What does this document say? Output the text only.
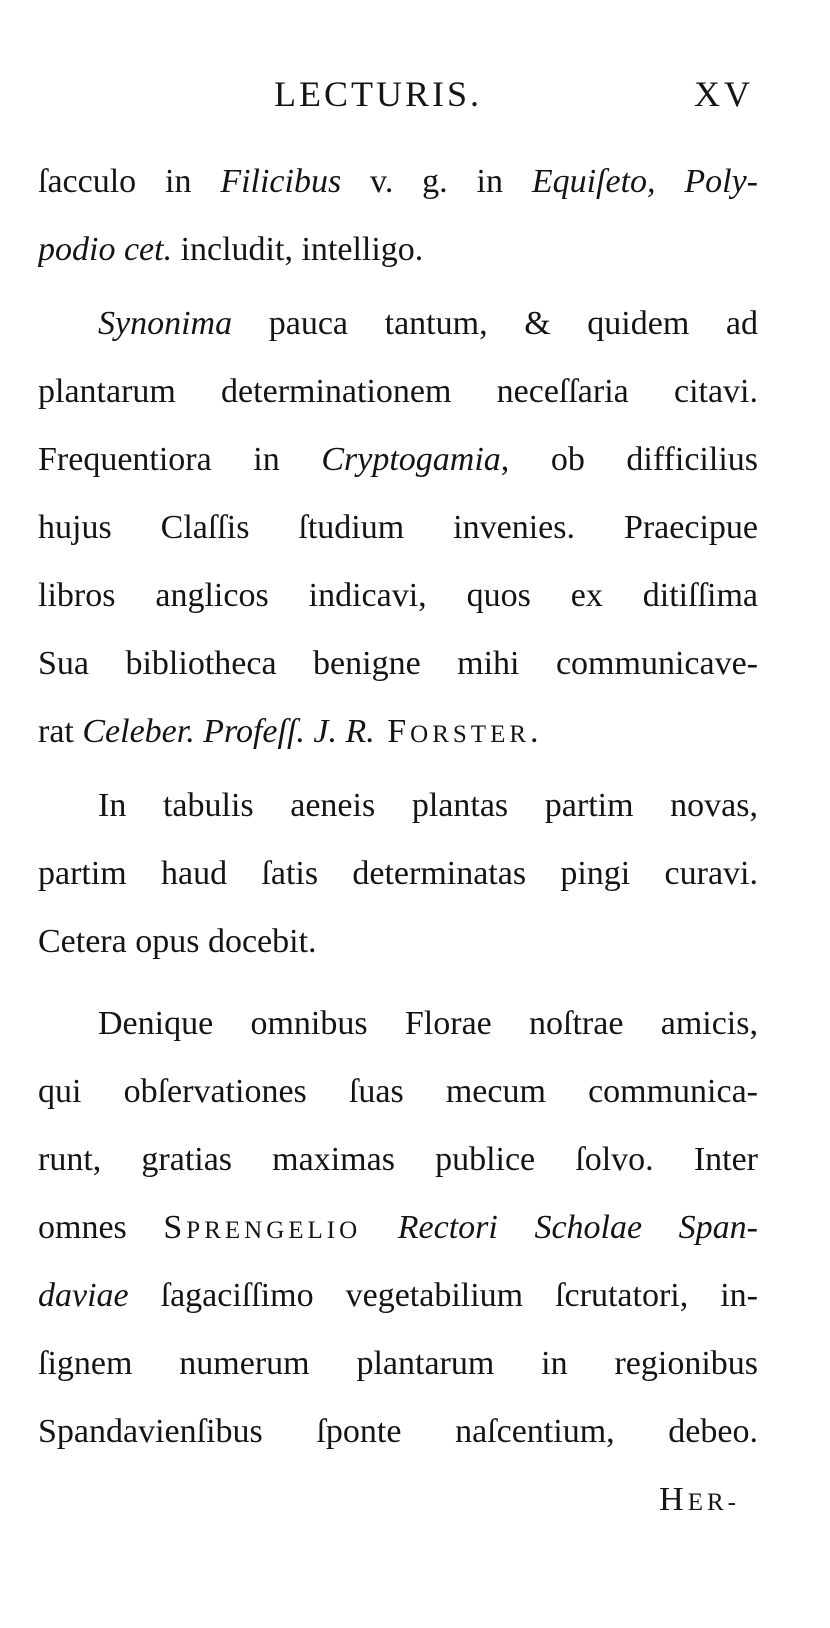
LECTURIS.	XV
ſacculo in Filicibus v. g. in Equiſeto, Poly-
podio cet. includit, intelligo.
Synonima pauca tantum, & quidem ad
plantarum determinationem neceſſaria citavi.
Frequentiora in Cryptogamia, ob difficilius
hujus Claſſis ſtudium invenies. Praecipue
libros anglicos indicavi, quos ex ditiſſima
Sua bibliotheca benigne mihi communicave-
rat Celeber. Profeſſ. J. R. FORSTER.
In tabulis aeneis plantas partim novas,
partim haud ſatis determinatas pingi curavi.
Cetera opus docebit.
Denique omnibus Florae noſtrae amicis,
qui obſervationes ſuas mecum communica-
runt, gratias maximas publice ſolvo. Inter
omnes SPRENGELIO Rectori Scholae Span-
daviae ſagaciſſimo vegetabilium ſcrutatori, in-
ſignem numerum plantarum in regionibus
Spandavienſibus ſponte naſcentium, debeo.
HER-
